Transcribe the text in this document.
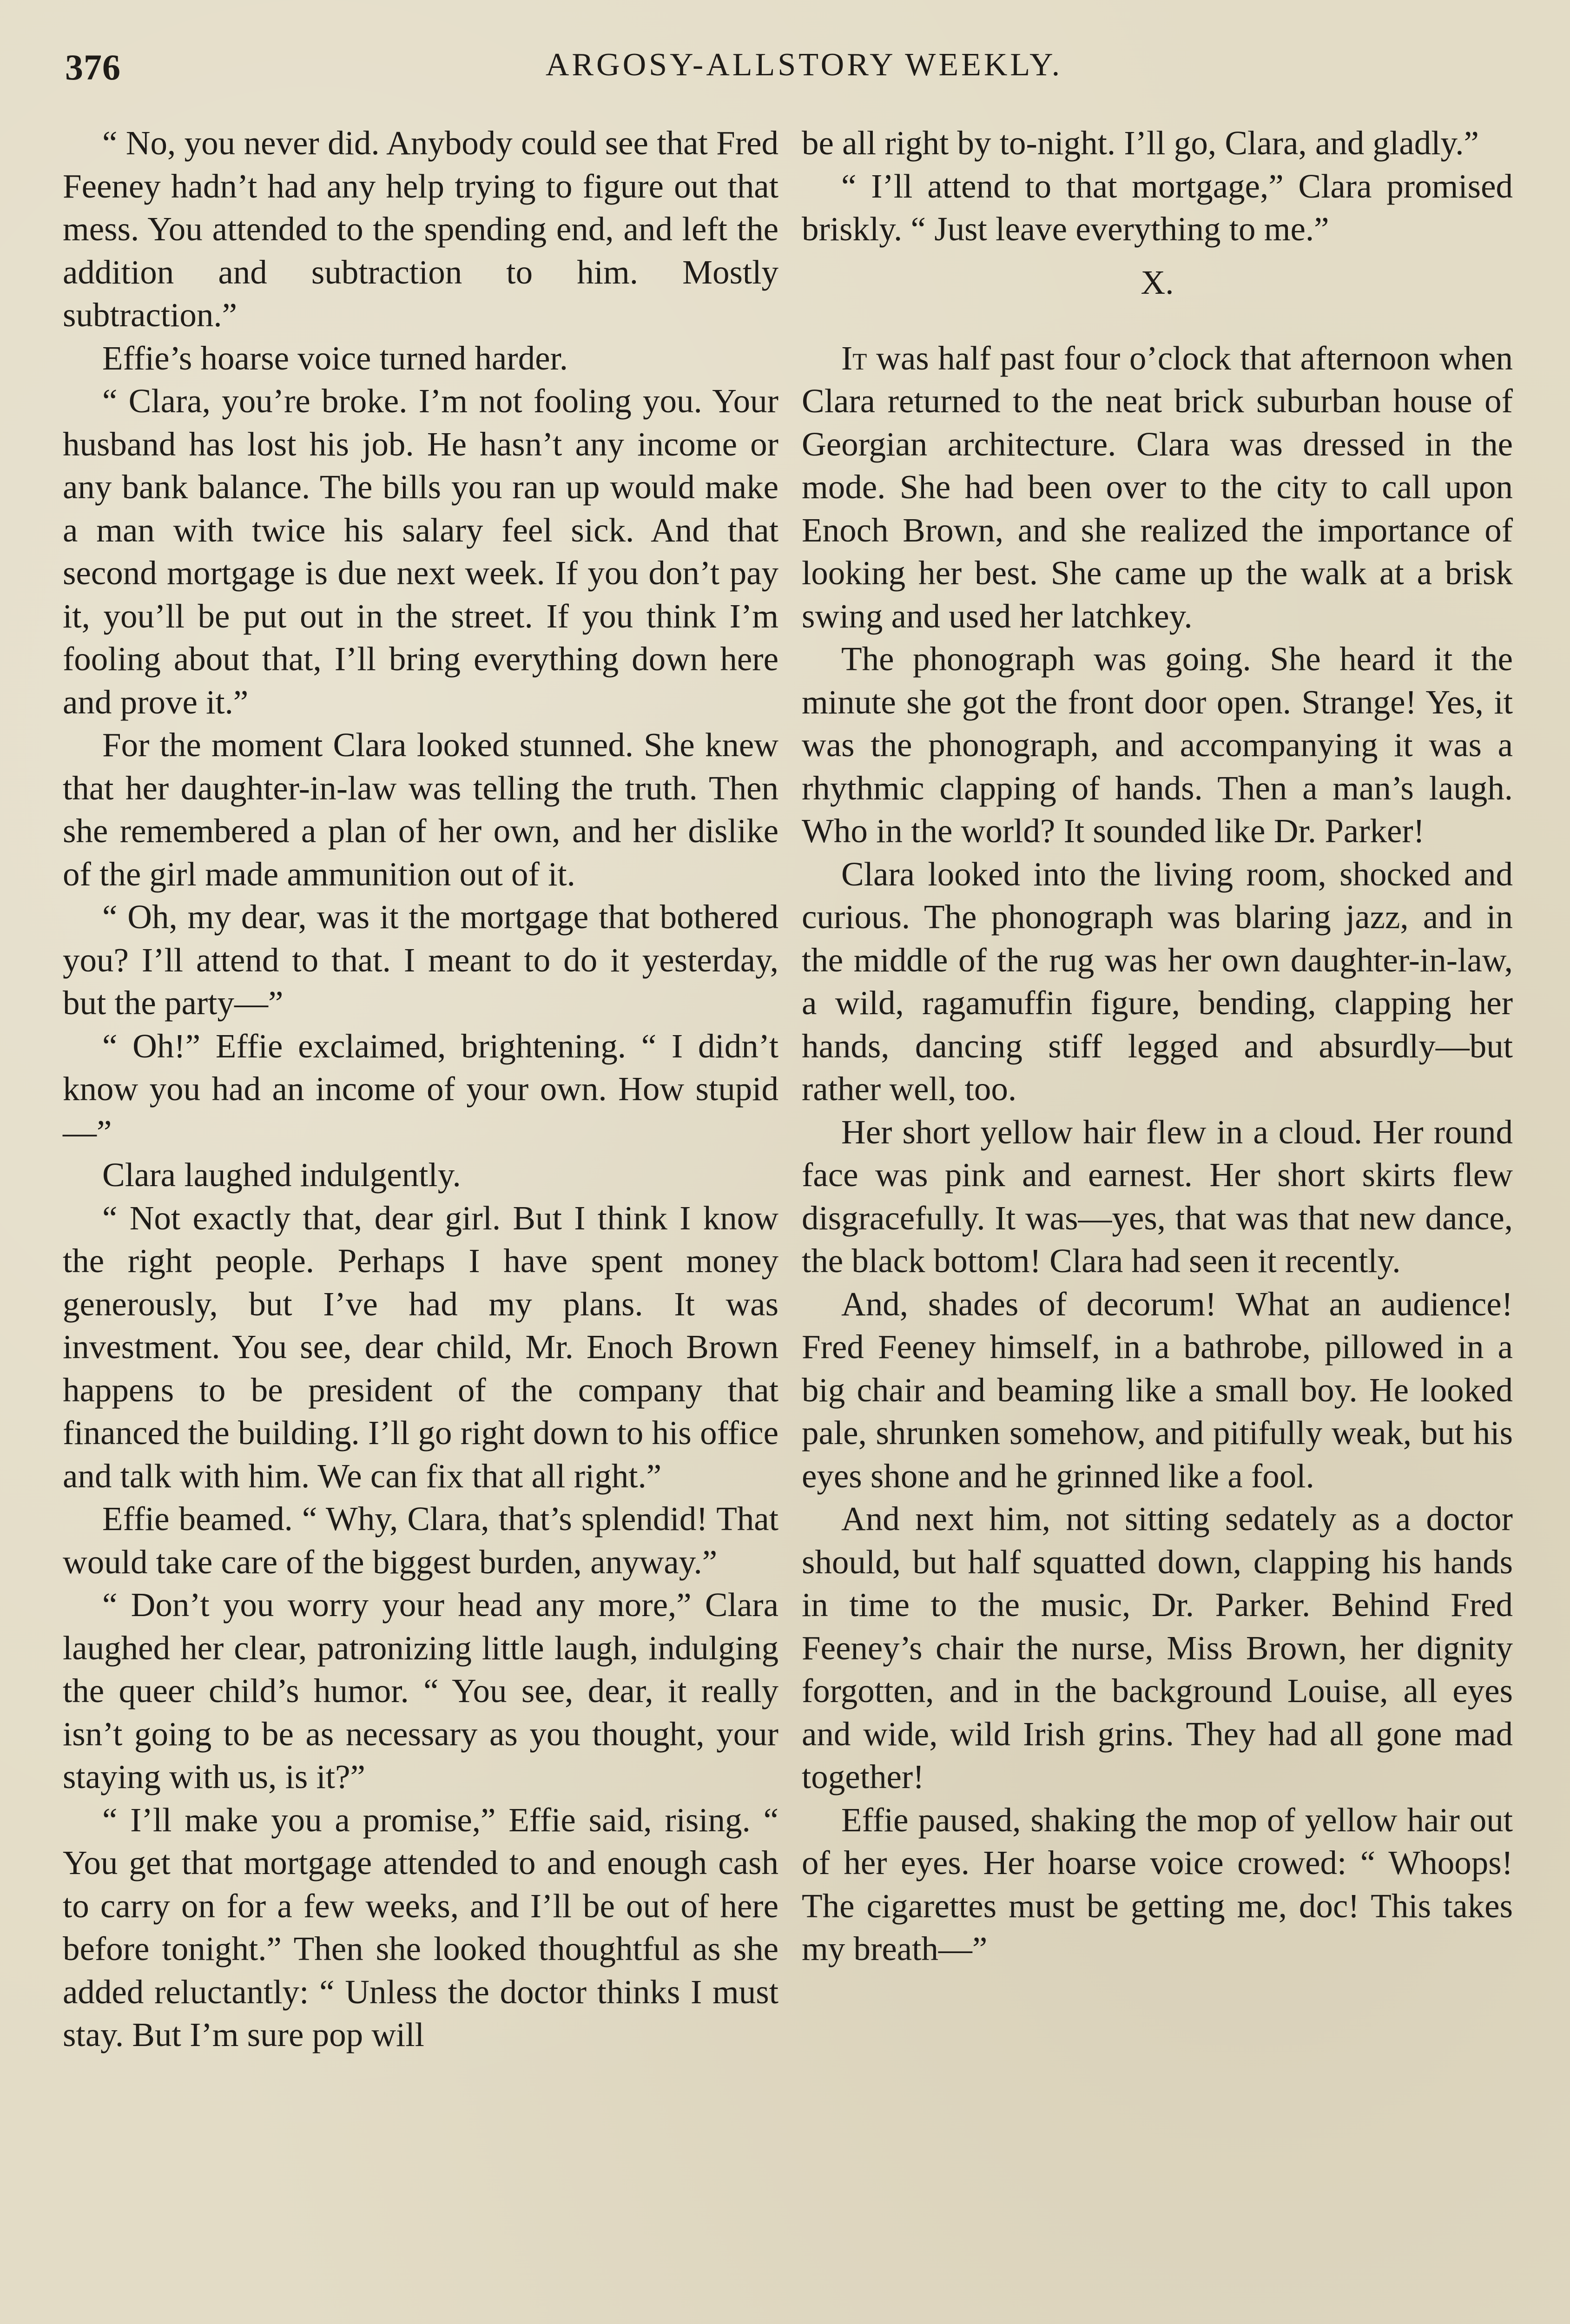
376	ARGOSY-ALLSTORY WEEKLY.

“ No, you never did. Anybody could see that Fred Feeney hadn’t had any help trying to figure out that mess. You attended to the spending end, and left the addition and subtraction to him. Mostly subtraction.”

Effie’s hoarse voice turned harder.

“ Clara, you’re broke. I’m not fooling you. Your husband has lost his job. He hasn’t any income or any bank balance. The bills you ran up would make a man with twice his salary feel sick. And that second mortgage is due next week. If you don’t pay it, you’ll be put out in the street. If you think I’m fooling about that, I’ll bring everything down here and prove it.”

For the moment Clara looked stunned. She knew that her daughter-in-law was telling the truth. Then she remembered a plan of her own, and her dislike of the girl made ammunition out of it.

“ Oh, my dear, was it the mortgage that bothered you? I’ll attend to that. I meant to do it yesterday, but the party—”

“ Oh!” Effie exclaimed, brightening. “ I didn’t know you had an income of your own. How stupid—”

Clara laughed indulgently.

“ Not exactly that, dear girl. But I think I know the right people. Perhaps I have spent money generously, but I’ve had my plans. It was investment. You see, dear child, Mr. Enoch Brown happens to be president of the company that financed the building. I’ll go right down to his office and talk with him. We can fix that all right.”

Effie beamed. “ Why, Clara, that’s splendid! That would take care of the biggest burden, anyway.”

“ Don’t you worry your head any more,” Clara laughed her clear, patronizing little laugh, indulging the queer child’s humor. “ You see, dear, it really isn’t going to be as necessary as you thought, your staying with us, is it?”

“ I’ll make you a promise,” Effie said, rising. “ You get that mortgage attended to and enough cash to carry on for a few weeks, and I’ll be out of here before tonight.” Then she looked thoughtful as she added reluctantly: “ Unless the doctor thinks I must stay. But I’m sure pop will

be all right by to-night. I’ll go, Clara, and gladly.”

“ I’ll attend to that mortgage,” Clara promised briskly. “ Just leave everything to me.”

X.

It was half past four o’clock that afternoon when Clara returned to the neat brick suburban house of Georgian architecture. Clara was dressed in the mode. She had been over to the city to call upon Enoch Brown, and she realized the importance of looking her best. She came up the walk at a brisk swing and used her latchkey.

The phonograph was going. She heard it the minute she got the front door open. Strange! Yes, it was the phonograph, and accompanying it was a rhythmic clapping of hands. Then a man’s laugh. Who in the world? It sounded like Dr. Parker!

Clara looked into the living room, shocked and curious. The phonograph was blaring jazz, and in the middle of the rug was her own daughter-in-law, a wild, ragamuffin figure, bending, clapping her hands, dancing stiff legged and absurdly—but rather well, too.

Her short yellow hair flew in a cloud. Her round face was pink and earnest. Her short skirts flew disgracefully. It was—yes, that was that new dance, the black bottom! Clara had seen it recently.

And, shades of decorum! What an audience! Fred Feeney himself, in a bathrobe, pillowed in a big chair and beaming like a small boy. He looked pale, shrunken somehow, and pitifully weak, but his eyes shone and he grinned like a fool.

And next him, not sitting sedately as a doctor should, but half squatted down, clapping his hands in time to the music, Dr. Parker. Behind Fred Feeney’s chair the nurse, Miss Brown, her dignity forgotten, and in the background Louise, all eyes and wide, wild Irish grins. They had all gone mad together!

Effie paused, shaking the mop of yellow hair out of her eyes. Her hoarse voice crowed: “ Whoops! The cigarettes must be getting me, doc! This takes my breath—”
